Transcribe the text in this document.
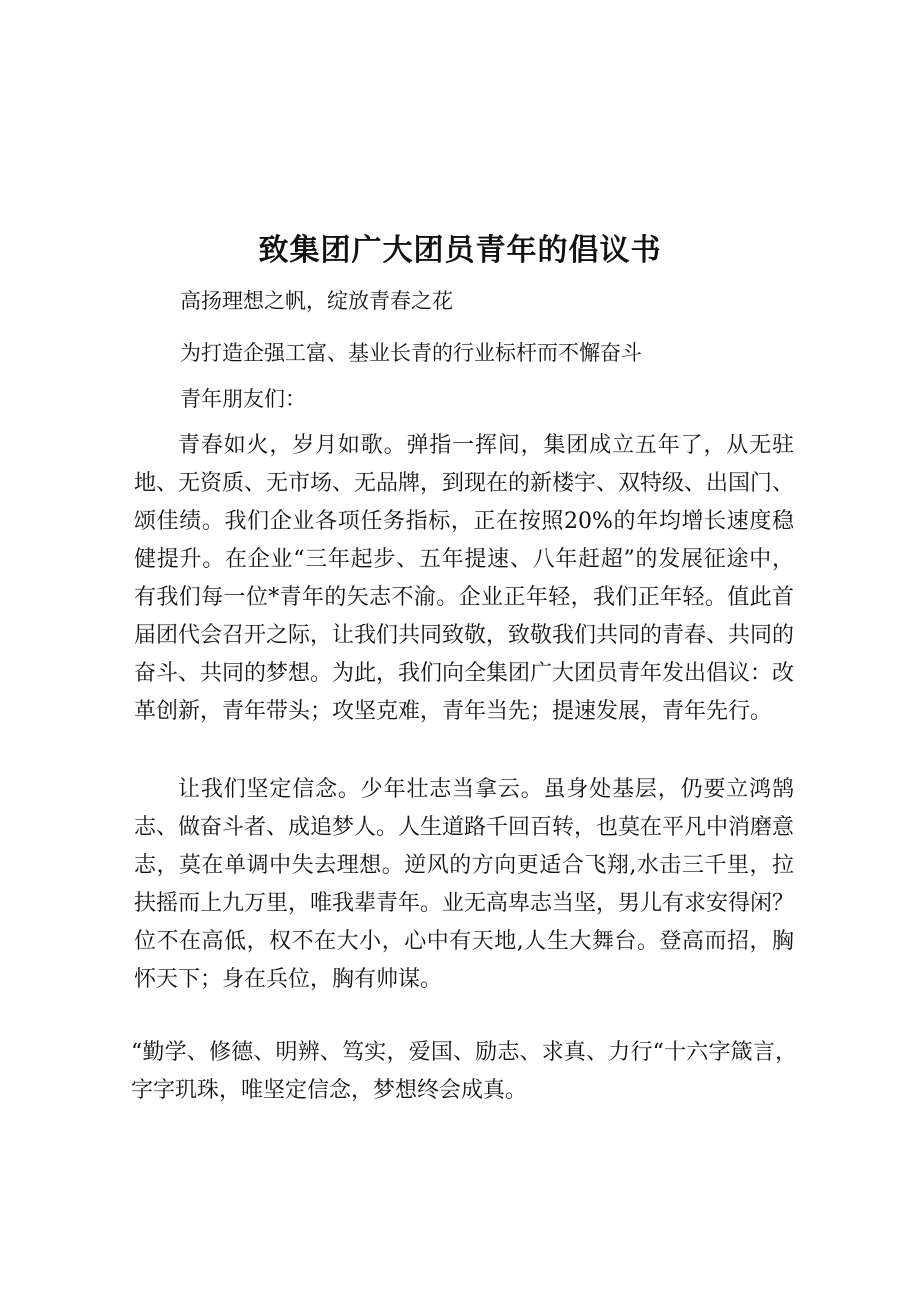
致集团广大团员青年的倡议书
高扬理想之帆，绽放青春之花
为打造企强工富、基业长青的行业标杆而不懈奋斗
青年朋友们：

青春如火，岁月如歌。弹指一挥间，集团成立五年了，从无驻地、无资质、无市场、无品牌，到现在的新楼宇、双特级、出国门、颂佳绩。我们企业各项任务指标，正在按照20%的年均增长速度稳健提升。在企业“三年起步、五年提速、八年赶超”的发展征途中，有我们每一位*青年的矢志不渝。企业正年轻，我们正年轻。值此首届团代会召开之际，让我们共同致敬，致敬我们共同的青春、共同的奋斗、共同的梦想。为此，我们向全集团广大团员青年发出倡议：改革创新，青年带头；攻坚克难，青年当先；提速发展，青年先行。

让我们坚定信念。少年壮志当拿云。虽身处基层，仍要立鸿鹄志、做奋斗者、成追梦人。人生道路千回百转，也莫在平凡中消磨意志，莫在单调中失去理想。逆风的方向更适合飞翔,水击三千里，拉扶摇而上九万里，唯我辈青年。业无高卑志当坚，男儿有求安得闲？位不在高低，权不在大小，心中有天地,人生大舞台。登高而招，胸怀天下；身在兵位，胸有帅谋。

“勤学、修德、明辨、笃实，爱国、励志、求真、力行“十六字箴言，字字玑珠，唯坚定信念，梦想终会成真。
